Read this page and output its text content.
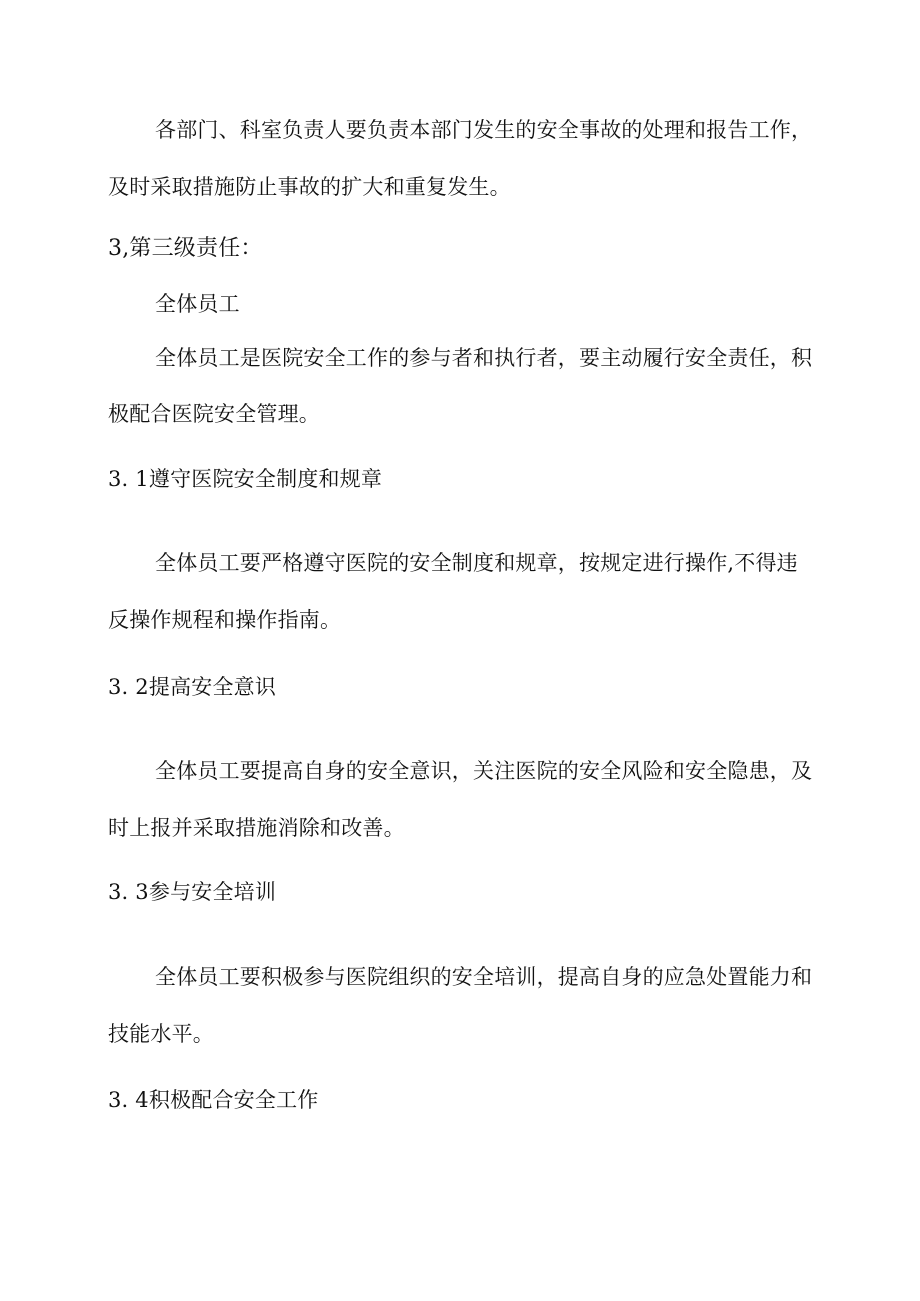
各部门、科室负责人要负责本部门发生的安全事故的处理和报告工作，
及时采取措施防止事故的扩大和重复发生。
3,第三级责任：
全体员工
全体员工是医院安全工作的参与者和执行者，要主动履行安全责任，积
极配合医院安全管理。
3. 1遵守医院安全制度和规章
全体员工要严格遵守医院的安全制度和规章，按规定进行操作,不得违
反操作规程和操作指南。
3. 2提高安全意识
全体员工要提高自身的安全意识，关注医院的安全风险和安全隐患，及
时上报并采取措施消除和改善。
3. 3参与安全培训
全体员工要积极参与医院组织的安全培训，提高自身的应急处置能力和
技能水平。
3. 4积极配合安全工作
